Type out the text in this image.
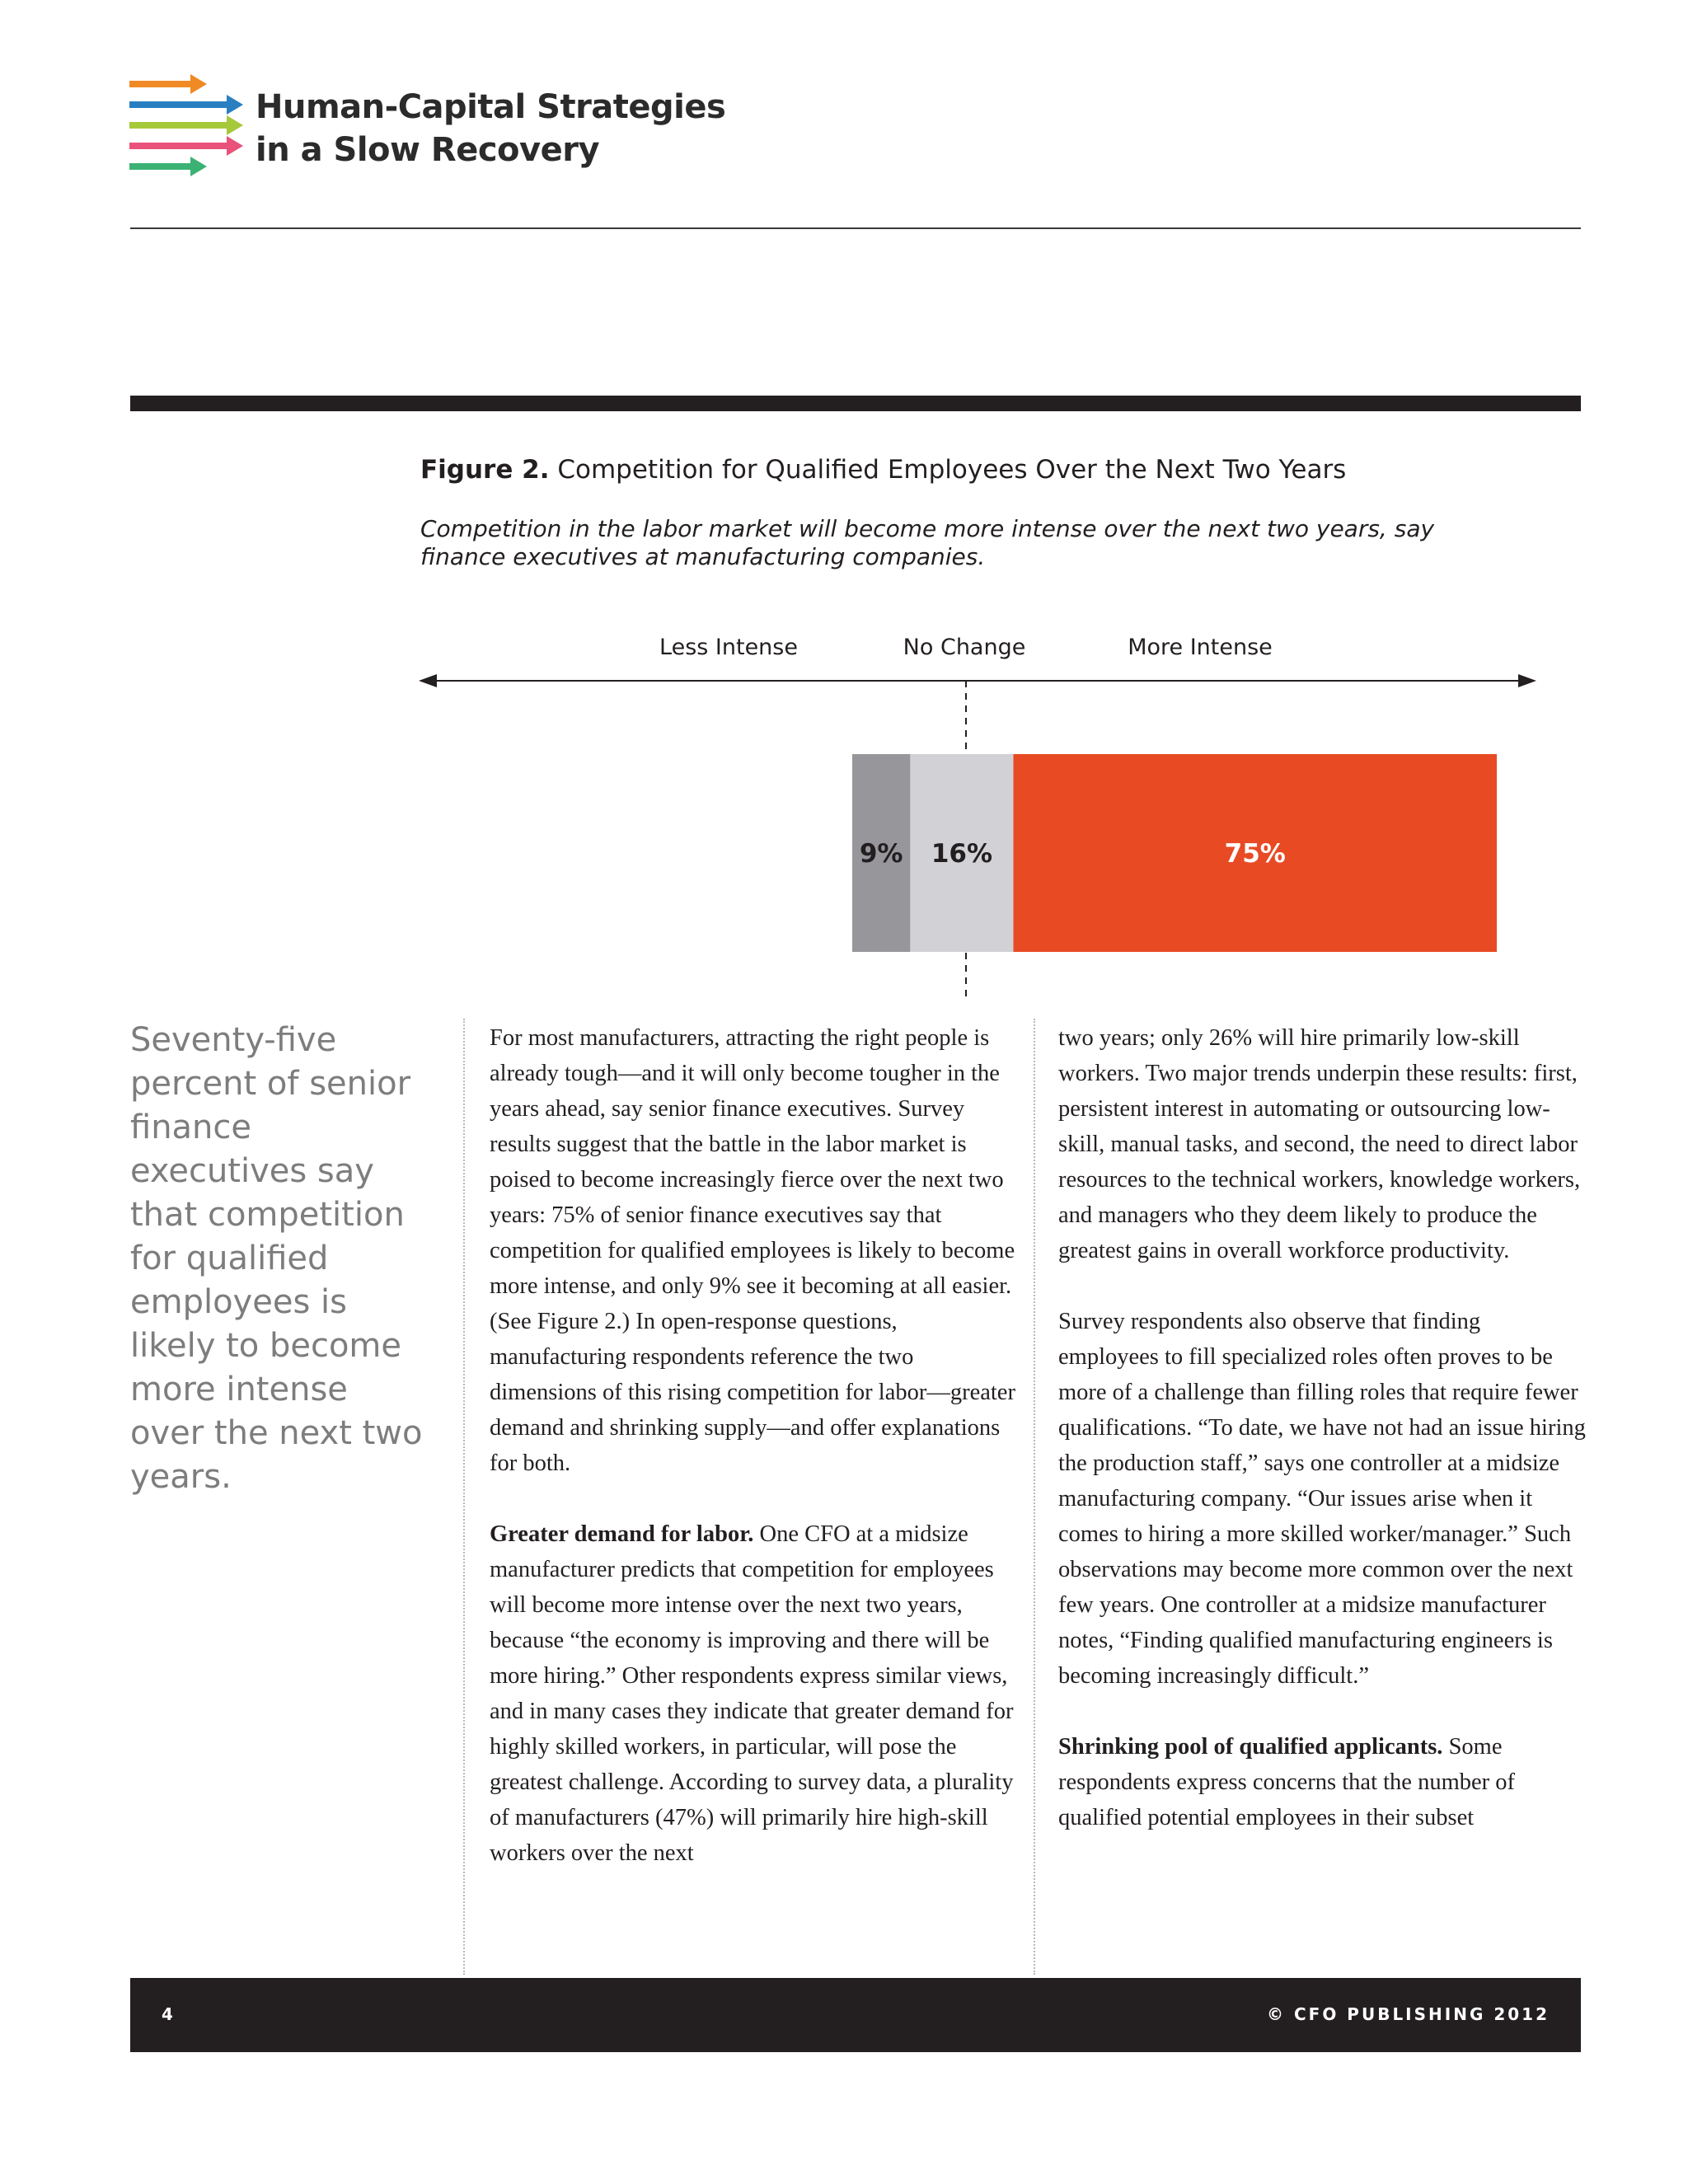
Human-Capital Strategies
in a Slow Recovery
Figure 2. Competition for Qualified Employees Over the Next Two Years
Competition in the labor market will become more intense over the next two years, say finance executives at manufacturing companies.
Less Intense	No Change	More Intense
9% 16%	75%
Seventy-five percent of senior finance executives say that competition for qualified employees is likely to become more intense over the next two years.

For most manufacturers, attracting the right people is already tough—and it will only become tougher in the years ahead, say senior finance executives. Survey results suggest that the battle in the labor market is poised to become increasingly fierce over the next two years: 75% of senior finance executives say that competition for qualified employees is likely to become more intense, and only 9% see it becoming at all easier. (See Figure 2.) In open-response questions, manufacturing respondents reference the two dimensions of this rising competition for labor—greater demand and shrinking supply—and offer explanations for both.

Greater demand for labor. One CFO at a midsize manufacturer predicts that competition for employees will become more intense over the next two years, because “the economy is improving and there will be more hiring.” Other respondents express similar views, and in many cases they indicate that greater demand for highly skilled workers, in particular, will pose the greatest challenge. According to survey data, a plurality of manufacturers (47%) will primarily hire high-skill workers over the next

two years; only 26% will hire primarily low-skill workers. Two major trends underpin these results: first, persistent interest in automating or outsourcing low-skill, manual tasks, and second, the need to direct labor resources to the technical workers, knowledge workers, and managers who they deem likely to produce the greatest gains in overall workforce productivity.

Survey respondents also observe that finding employees to fill specialized roles often proves to be more of a challenge than filling roles that require fewer qualifications. “To date, we have not had an issue hiring the production staff,” says one controller at a midsize manufacturing company. “Our issues arise when it comes to hiring a more skilled worker/manager.” Such observations may become more common over the next few years. One controller at a midsize manufacturer notes, “Finding qualified manufacturing engineers is becoming increasingly difficult.”

Shrinking pool of qualified applicants. Some respondents express concerns that the number of qualified potential employees in their subset

4	© CFO PUBLISHING 2012
